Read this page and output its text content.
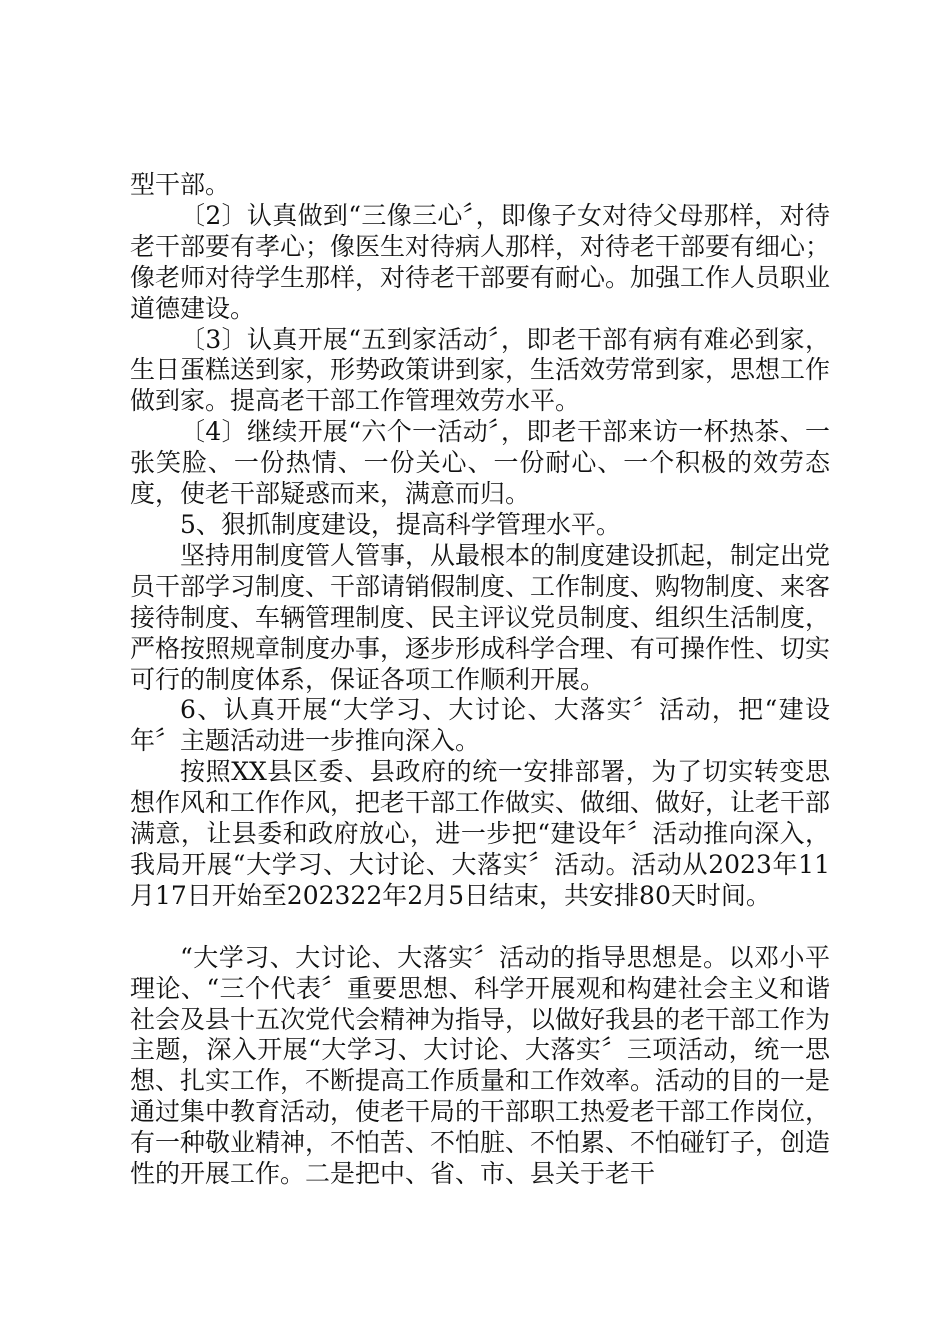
型干部。

〔2〕认真做到“三像三心〞，即像子女对待父母那样，对待老干部要有孝心；像医生对待病人那样，对待老干部要有细心；像老师对待学生那样，对待老干部要有耐心。加强工作人员职业道德建设。

〔3〕认真开展“五到家活动〞，即老干部有病有难必到家，生日蛋糕送到家，形势政策讲到家，生活效劳常到家，思想工作做到家。提高老干部工作管理效劳水平。

〔4〕继续开展“六个一活动〞，即老干部来访一杯热茶、一张笑脸、一份热情、一份关心、一份耐心、一个积极的效劳态度，使老干部疑惑而来，满意而归。

5、狠抓制度建设，提高科学管理水平。

坚持用制度管人管事，从最根本的制度建设抓起，制定出党员干部学习制度、干部请销假制度、工作制度、购物制度、来客接待制度、车辆管理制度、民主评议党员制度、组织生活制度，严格按照规章制度办事，逐步形成科学合理、有可操作性、切实可行的制度体系，保证各项工作顺利开展。

6、认真开展“大学习、大讨论、大落实〞活动，把“建设年〞主题活动进一步推向深入。

按照XX县区委、县政府的统一安排部署，为了切实转变思想作风和工作作风，把老干部工作做实、做细、做好，让老干部满意，让县委和政府放心，进一步把“建设年〞活动推向深入，我局开展“大学习、大讨论、大落实〞活动。活动从2023年11月17日开始至202322年2月5日结束，共安排80天时间。

“大学习、大讨论、大落实〞活动的指导思想是。以邓小平理论、“三个代表〞重要思想、科学开展观和构建社会主义和谐社会及县十五次党代会精神为指导，以做好我县的老干部工作为主题，深入开展“大学习、大讨论、大落实〞三项活动，统一思想、扎实工作，不断提高工作质量和工作效率。活动的目的一是通过集中教育活动，使老干局的干部职工热爱老干部工作岗位，有一种敬业精神，不怕苦、不怕脏、不怕累、不怕碰钉子，创造性的开展工作。二是把中、省、市、县关于老干
